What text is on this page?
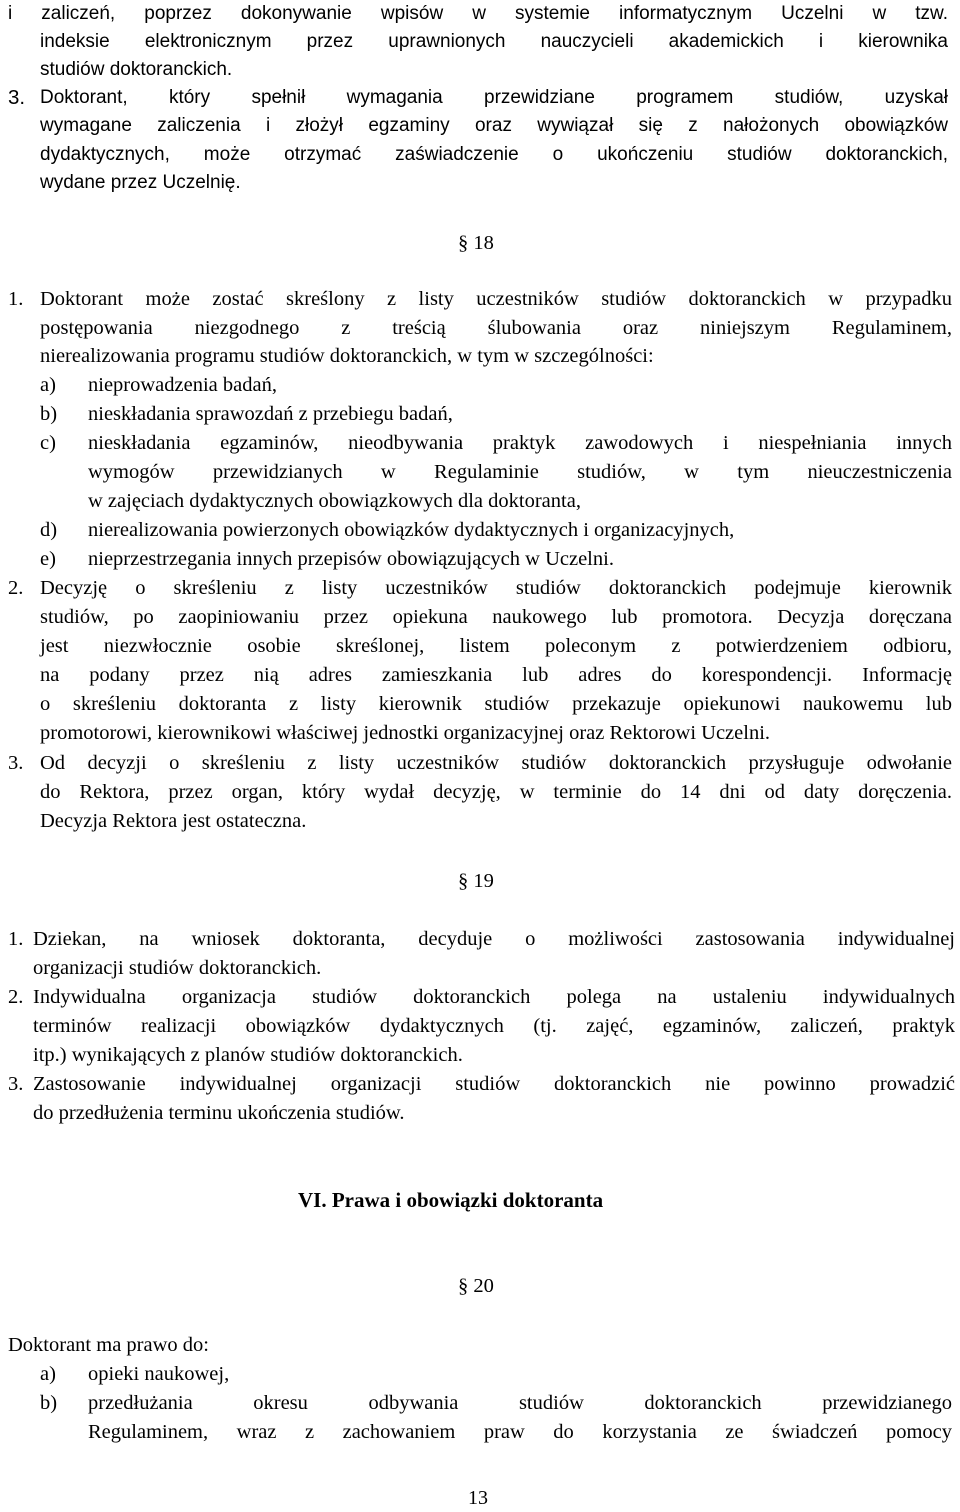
i zaliczeń, poprzez dokonywanie wpisów w systemie informatycznym Uczelni w tzw.
indeksie elektronicznym przez uprawnionych nauczycieli akademickich i kierownika
studiów doktoranckich.
3. Doktorant, który spełnił wymagania przewidziane programem studiów, uzyskał
wymagane zaliczenia i złożył egzaminy oraz wywiązał się z nałożonych obowiązków
dydaktycznych, może otrzymać zaświadczenie o ukończeniu studiów doktoranckich,
wydane przez Uczelnię.
§ 18
1. Doktorant może zostać skreślony z listy uczestników studiów doktoranckich w przypadku
postępowania niezgodnego z treścią ślubowania oraz niniejszym Regulaminem,
nierealizowania programu studiów doktoranckich, w tym w szczególności:
a) nieprowadzenia badań,
b) nieskładania sprawozdań z przebiegu badań,
c) nieskładania egzaminów, nieodbywania praktyk zawodowych i niespełniania innych
wymogów przewidzianych w Regulaminie studiów, w tym nieuczestniczenia
w zajęciach dydaktycznych obowiązkowych dla doktoranta,
d) nierealizowania powierzonych obowiązków dydaktycznych i organizacyjnych,
e) nieprzestrzegania innych przepisów obowiązujących w Uczelni.
2. Decyzję o skreśleniu z listy uczestników studiów doktoranckich podejmuje kierownik
studiów, po zaopiniowaniu przez opiekuna naukowego lub promotora. Decyzja doręczana
jest niezwłocznie osobie skreślonej, listem poleconym z potwierdzeniem odbioru,
na podany przez nią adres zamieszkania lub adres do korespondencji. Informację
o skreśleniu doktoranta z listy kierownik studiów przekazuje opiekunowi naukowemu lub
promotorowi, kierownikowi właściwej jednostki organizacyjnej oraz Rektorowi Uczelni.
3. Od decyzji o skreśleniu z listy uczestników studiów doktoranckich przysługuje odwołanie
do Rektora, przez organ, który wydał decyzję, w terminie do 14 dni od daty doręczenia.
Decyzja Rektora jest ostateczna.
§ 19
1. Dziekan, na wniosek doktoranta, decyduje o możliwości zastosowania indywidualnej
organizacji studiów doktoranckich.
2. Indywidualna organizacja studiów doktoranckich polega na ustaleniu indywidualnych
terminów realizacji obowiązków dydaktycznych (tj. zajęć, egzaminów, zaliczeń, praktyk
itp.) wynikających z planów studiów doktoranckich.
3. Zastosowanie indywidualnej organizacji studiów doktoranckich nie powinno prowadzić
do przedłużenia terminu ukończenia studiów.
VI. Prawa i obowiązki doktoranta
§ 20
Doktorant ma prawo do:
a) opieki naukowej,
b) przedłużania okresu odbywania studiów doktoranckich przewidzianego
Regulaminem, wraz z zachowaniem praw do korzystania ze świadczeń pomocy
13
